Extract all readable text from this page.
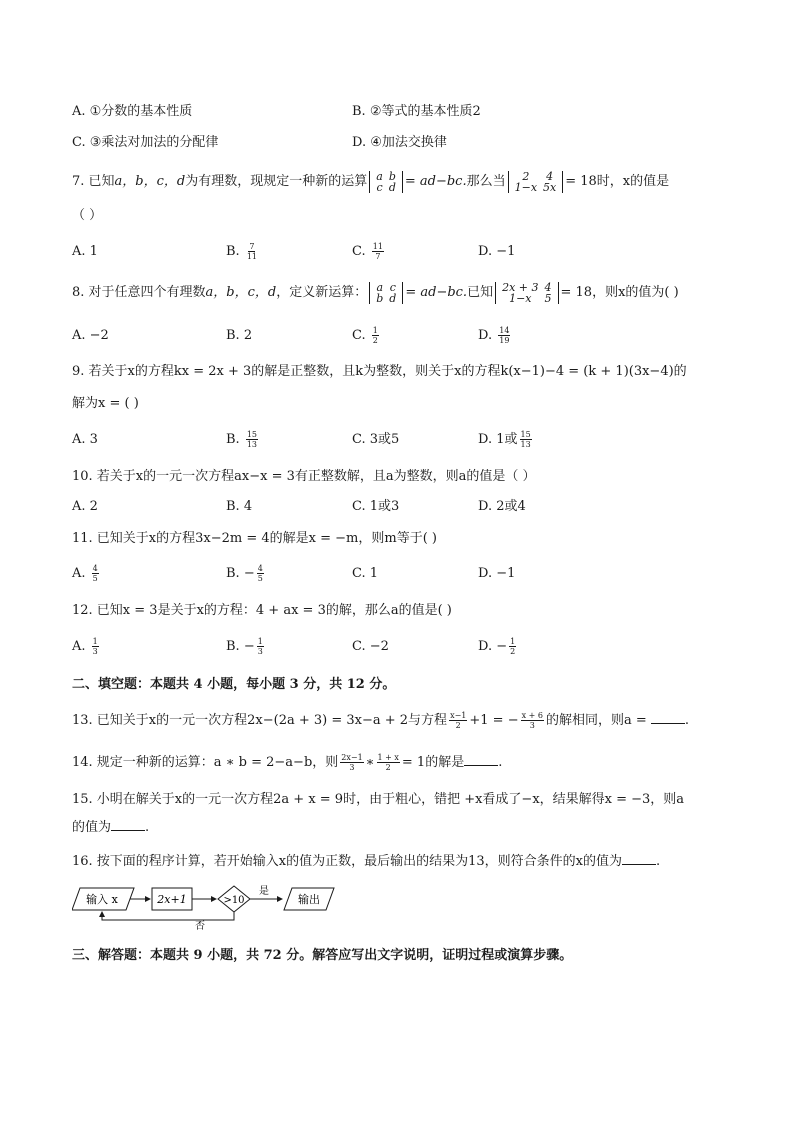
A. ①分数的基本性质	B. ②等式的基本性质2
C. ③乘法对加法的分配律	D. ④加法交换律
7. 已知a，b，c，d为有理数，现规定一种新的运算 a	b
c	d = ad−bc.那么当 2	4
1−x	5x = 18时，x的值是
（ ）
A. 1	B. $\frac{7}{11}$	C. $\frac{11}{7}$	D. −1
8. 对于任意四个有理数a，b，c，d，定义新运算： a	c
b	d = ad−bc.已知 2x + 3	4
1−x	5 = 18，则x的值为( )
A. −2	B. 2	C. $\frac{1}{2}$	D. $\frac{14}{19}$
9. 若关于x的方程kx = 2x + 3的解是正整数，且k为整数，则关于x的方程k(x−1)−4 = (k + 1)(3x−4)的
解为x = ( )
A. 3	B. $\frac{15}{13}$	C. 3或5	D. 1或 $\frac{15}{13}$
10. 若关于x的一元一次方程ax−x = 3有正整数解，且a为整数，则a的值是（ ）
A. 2	B. 4	C. 1或3	D. 2或4
11. 已知关于x的方程3x−2m = 4的解是x = −m，则m等于( )
A. $\frac{4}{5}$	B. − $\frac{4}{5}$	C. 1	D. −1
12. 已知x = 3是关于x的方程：4 + ax = 3的解，那么a的值是( )
A. $\frac{1}{3}$	B. − $\frac{1}{3}$	C. −2	D. − $\frac{1}{2}$
二、填空题：本题共 4 小题，每小题 3 分，共 12 分。
13. 已知关于x的一元一次方程2x−(2a + 3) = 3x−a + 2与方程 $\frac{x-1}{2} +1$ = − $\frac{x + 6}{3}$ 的解相同，则a =	.
14. 规定一种新的运算：a ∗ b = 2−a−b，则 $\frac{2x-1}{3}$ ∗ $\frac{1 + x}{2} = 1$的解是	.
15. 小明在解关于x的一元一次方程2a + x = 9时，由于粗心，错把 +x看成了−x，结果解得x = −3，则a
的值为	.
16. 按下面的程序计算，若开始输入x的值为正数，最后输出的结果为13，则符合条件的x的值为	.
输入 x	2x+1	>10
是
输出
否
三、解答题：本题共 9 小题，共 72 分。解答应写出文字说明，证明过程或演算步骤。
